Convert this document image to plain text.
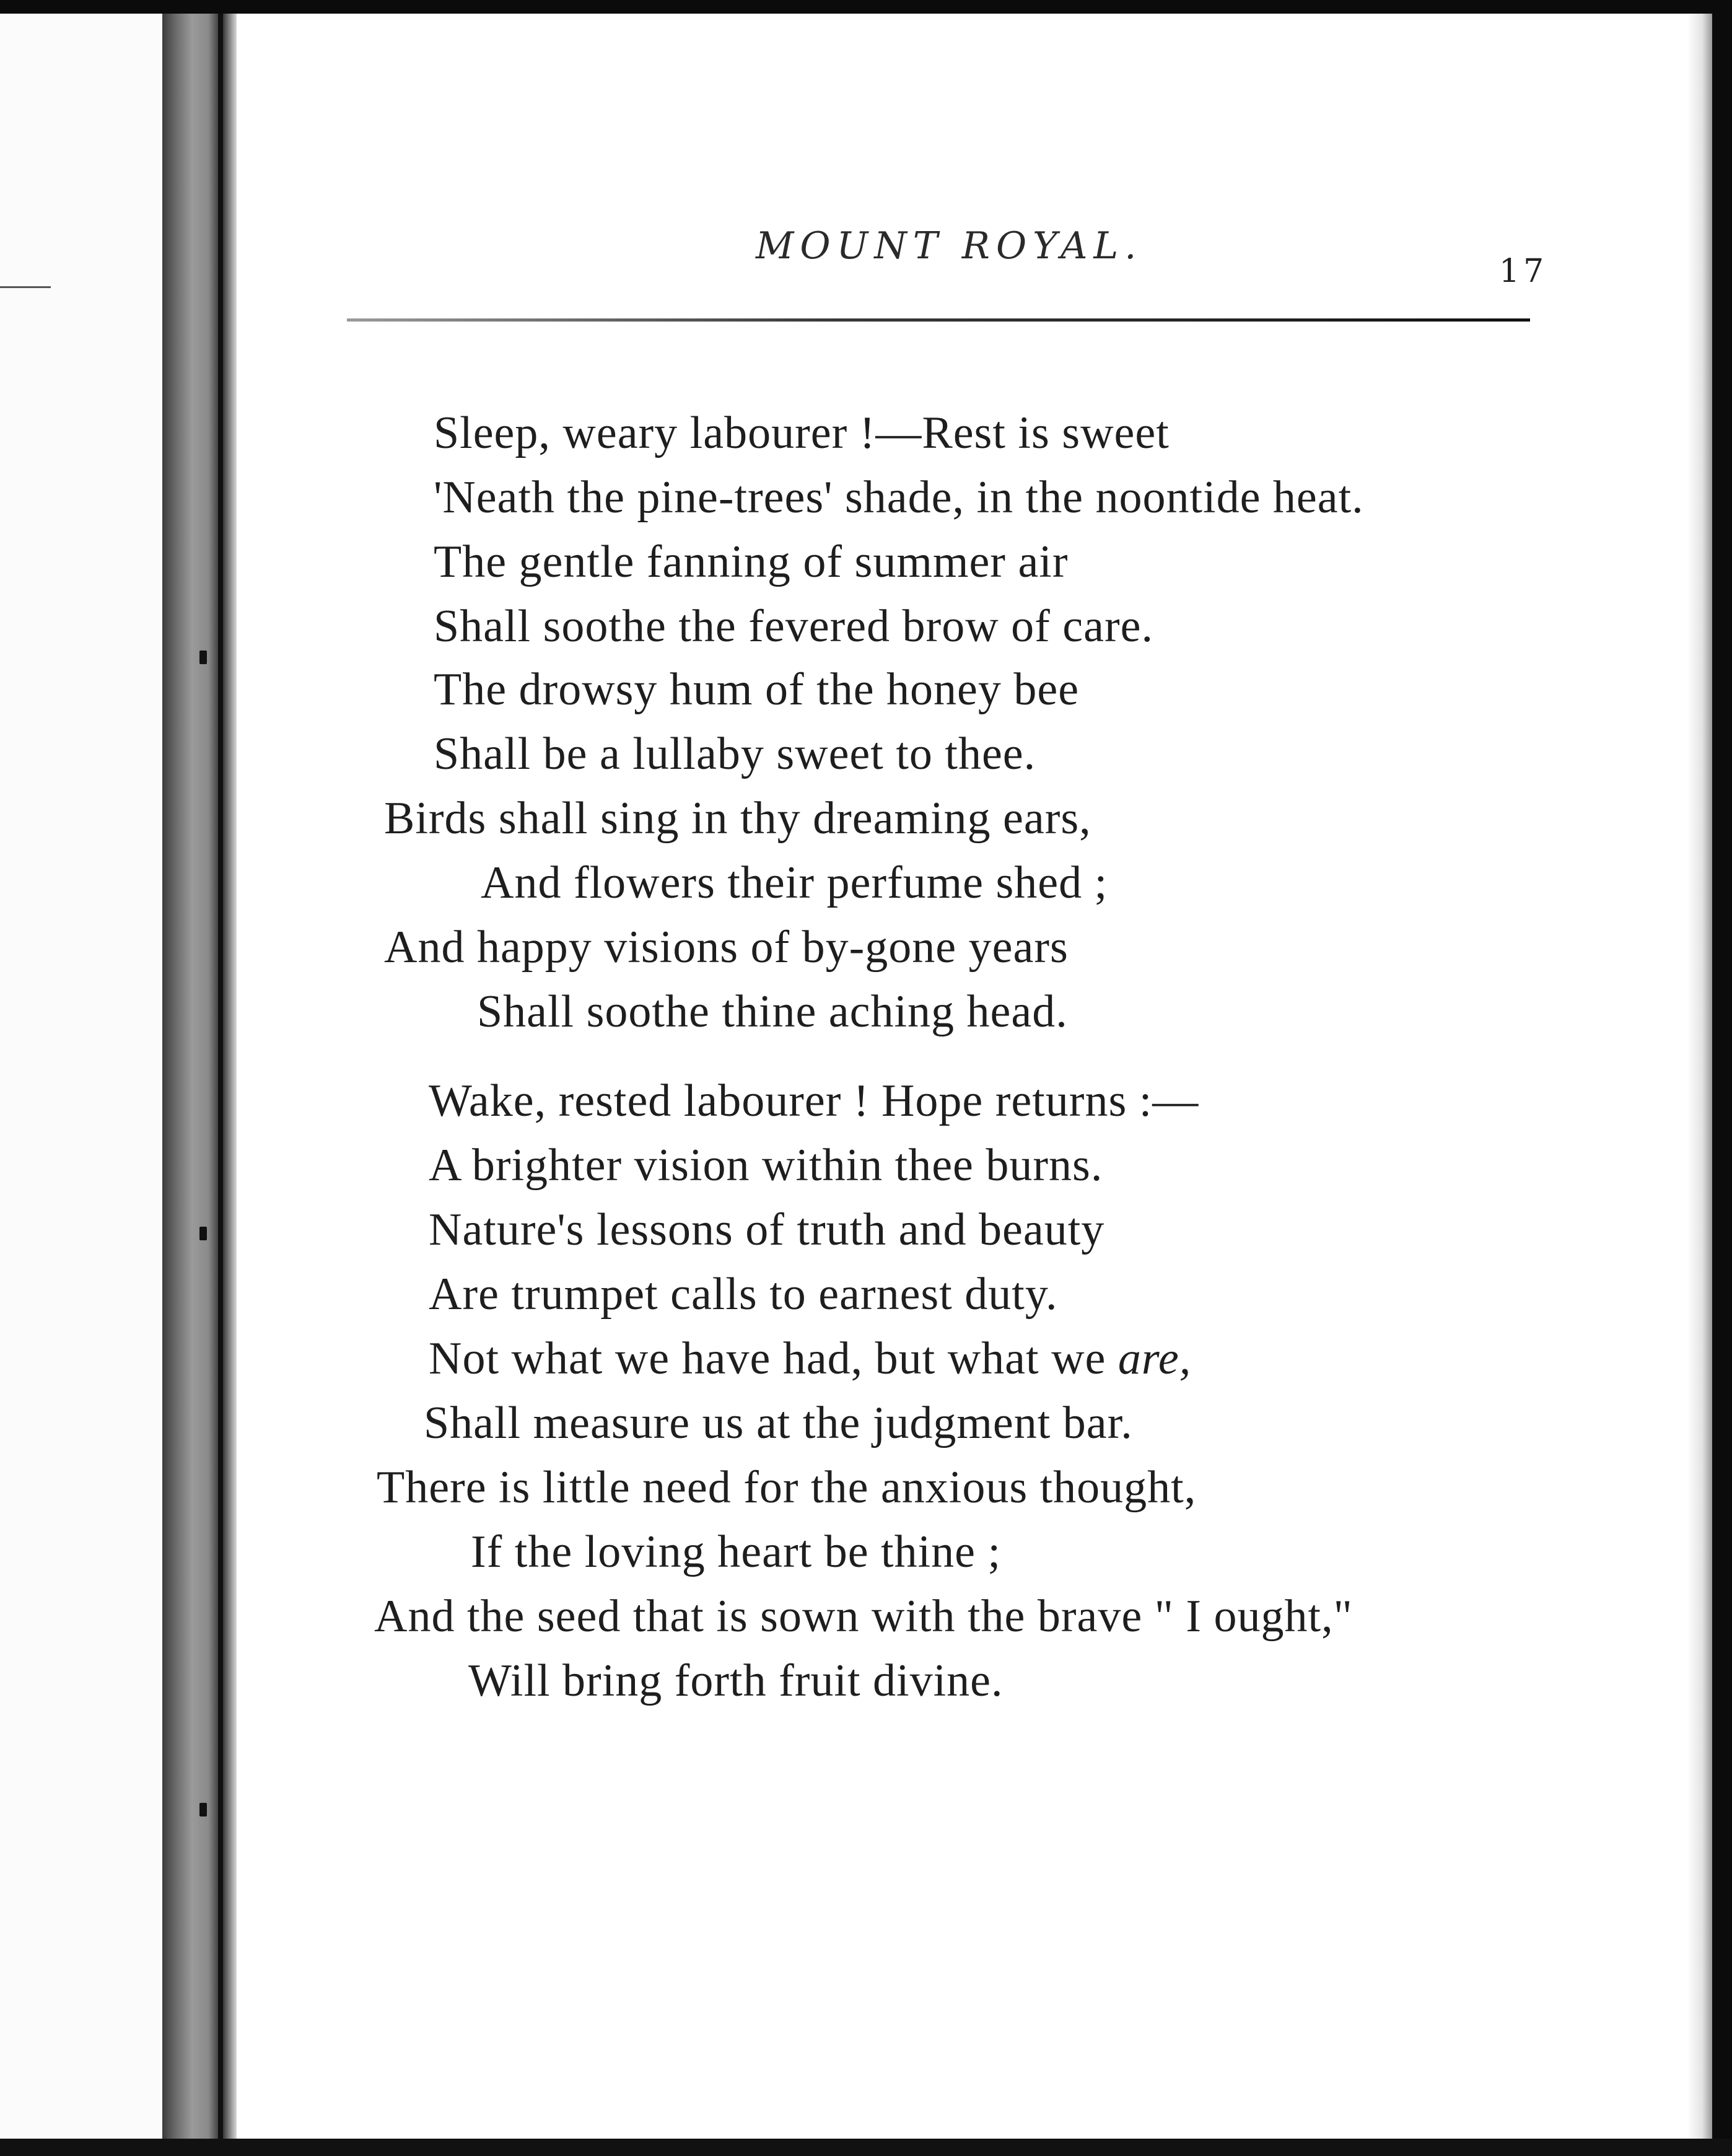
MOUNT ROYAL.
17
Sleep, weary labourer !—Rest is sweet
'Neath the pine-trees' shade, in the noontide heat.
The gentle fanning of summer air
Shall soothe the fevered brow of care.
The drowsy hum of the honey bee
Shall be a lullaby sweet to thee.
Birds shall sing in thy dreaming ears,
And flowers their perfume shed ;
And happy visions of by-gone years
Shall soothe thine aching head.
Wake, rested labourer ! Hope returns :—
A brighter vision within thee burns.
Nature's lessons of truth and beauty
Are trumpet calls to earnest duty.
Not what we have had, but what we are,
Shall measure us at the judgment bar.
There is little need for the anxious thought,
If the loving heart be thine ;
And the seed that is sown with the brave " I ought,"
Will bring forth fruit divine.
